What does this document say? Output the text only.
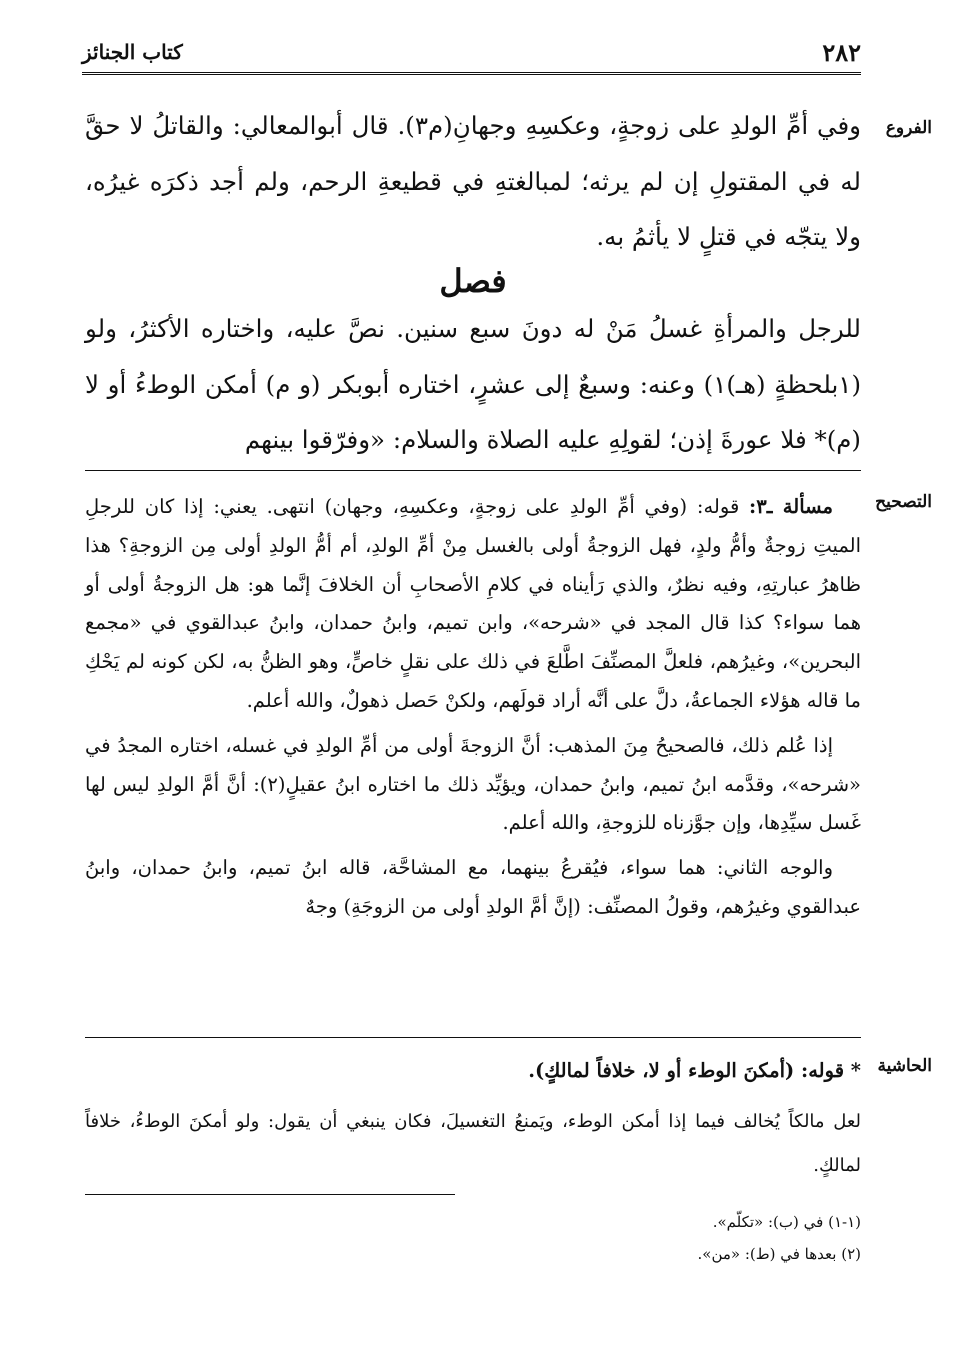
٢٨٢
كتاب الجنائز
الفروع
وفي أمِّ الولدِ على زوجةٍ، وعكسِهِ وجهانِ(م٣). قال أبوالمعالي: والقاتلُ لا حقَّ له في المقتولِ إن لم يرثه؛ لمبالغتهِ في قطيعةِ الرحم، ولم أجد ذكرَه غيرُه، ولا يتجّه في قتلٍ لا يأثمُ به.
فصل
للرجل والمرأةِ غسلُ مَنْ له دونَ سبع سنين. نصَّ عليه، واختاره الأكثرُ، ولو (١بلحظةٍ (هـ)١) وعنه: وسبعٌ إلى عشرٍ، اختاره أبوبكر (و م) أمكن الوطءُ أو لا (م)* فلا عورةَ إذن؛ لقولِهِ عليه الصلاة والسلام: «وفرّقوا بينهم
التصحيح

مسألة ـ٣: قوله: (وفي أمِّ الولدِ على زوجةٍ، وعكسِهِ، وجهان) انتهى. يعني: إذا كان للرجلِ الميتِ زوجةٌ وأمُّ ولدٍ، فهل الزوجةُ أولى بالغسل مِنْ أمِّ الولدِ، أم أمُّ الولدِ أولى مِن الزوجةِ؟ هذا ظاهرُ عبارتِهِ، وفيه نظرٌ، والذي رَأيناه في كلامِ الأصحابِ أن الخلافَ إنَّما هو: هل الزوجةُ أولى أو هما سواء؟ كذا قال المجد في «شرحه»، وابن تميم، وابنُ حمدان، وابنُ عبدالقوي في «مجمع البحرين»، وغيرُهم، فلعلَّ المصنِّفَ اطَّلعَ في ذلك على نقلٍ خاصٍّ، وهو الظنُّ به، لكن كونه لم يَحْكِ ما قاله هؤلاء الجماعةُ، دلَّ على أنَّه أراد قولَهم، ولكنْ حَصل ذهولٌ، والله أعلم.

إذا عُلم ذلك، فالصحيحُ مِنَ المذهب: أنَّ الزوجةَ أولى من أمِّ الولدِ في غسله، اختاره المجدُ في «شرحه»، وقدَّمه ابنُ تميم، وابنُ حمدان، ويؤيِّد ذلك ما اختاره ابنُ عقيلٍ(٢): أنَّ أمَّ الولدِ ليس لها غَسل سيِّدِها، وإن جوَّزناه للزوجةِ، والله أعلم.

والوجه الثاني: هما سواء، فيُقرعُ بينهما، مع المشاحَّة، قاله ابنُ تميم، وابنُ حمدان، وابنُ عبدالقوي وغيرُهم، وقولُ المصنِّف: (إنَّ أمَّ الولدِ أولى من الزوجَةِ) وجهٌ

الحاشية
* قوله: (أمكنَ الوطء أو لا، خلافاً لمالكٍ).
لعل مالكاً يُخالف فيما إذا أمكن الوطء، ويَمنعُ التغسيلَ، فكان ينبغي أن يقول: ولو أمكنَ الوطءُ، خلافاً لمالكٍ.
(١-١) في (ب): «تكلّم».
(٢) بعدها في (ط): «من».
